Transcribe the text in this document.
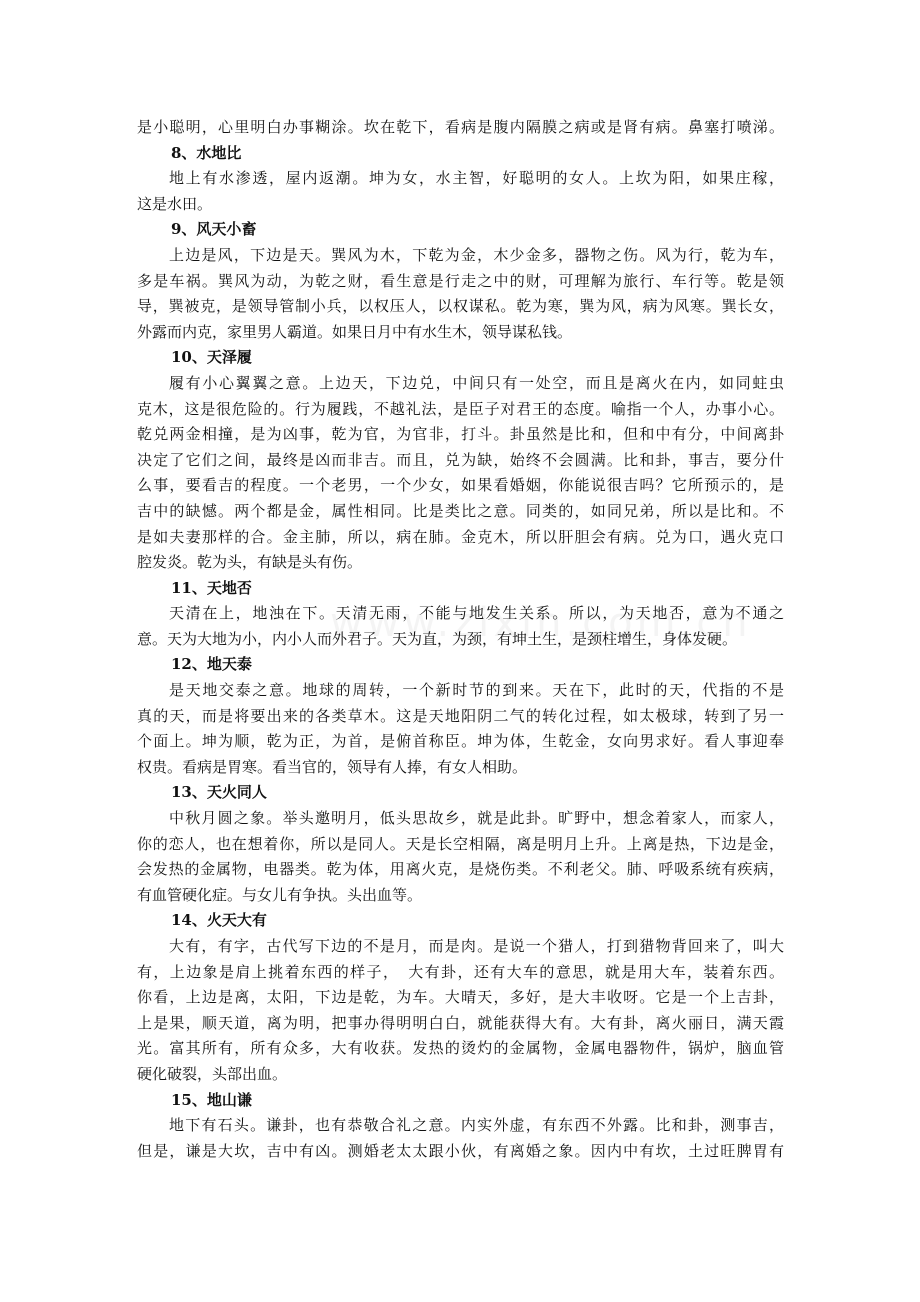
是小聪明，心里明白办事糊涂。坎在乾下，看病是腹内隔膜之病或是肾有病。鼻塞打喷涕。
8、水地比
地上有水渗透，屋内返潮。坤为女，水主智，好聪明的女人。上坎为阳，如果庄稼，
这是水田。
9、风天小畜
上边是风，下边是天。巽风为木，下乾为金，木少金多，器物之伤。风为行，乾为车，
多是车祸。巽风为动，为乾之财，看生意是行走之中的财，可理解为旅行、车行等。乾是领
导，巽被克，是领导管制小兵，以权压人，以权谋私。乾为寒，巽为风，病为风寒。巽长女，
外露而内克，家里男人霸道。如果日月中有水生木，领导谋私钱。
10、天泽履
履有小心翼翼之意。上边天，下边兑，中间只有一处空，而且是离火在内，如同蛀虫
克木，这是很危险的。行为履践，不越礼法，是臣子对君王的态度。喻指一个人，办事小心。
乾兑两金相撞，是为凶事，乾为官，为官非，打斗。卦虽然是比和，但和中有分，中间离卦
决定了它们之间，最终是凶而非吉。而且，兑为缺，始终不会圆满。比和卦，事吉，要分什
么事，要看吉的程度。一个老男，一个少女，如果看婚姻，你能说很吉吗？它所预示的，是
吉中的缺憾。两个都是金，属性相同。比是类比之意。同类的，如同兄弟，所以是比和。不
是如夫妻那样的合。金主肺，所以，病在肺。金克木，所以肝胆会有病。兑为口，遇火克口
腔发炎。乾为头，有缺是头有伤。
11、天地否
天清在上，地浊在下。天清无雨，不能与地发生关系。所以，为天地否，意为不通之
意。天为大地为小，内小人而外君子。天为直，为颈，有坤土生，是颈柱增生，身体发硬。
12、地天泰
是天地交泰之意。地球的周转，一个新时节的到来。天在下，此时的天，代指的不是
真的天，而是将要出来的各类草木。这是天地阳阴二气的转化过程，如太极球，转到了另一
个面上。坤为顺，乾为正，为首，是俯首称臣。坤为体，生乾金，女向男求好。看人事迎奉
权贵。看病是胃寒。看当官的，领导有人捧，有女人相助。
13、天火同人
中秋月圆之象。举头邀明月，低头思故乡，就是此卦。旷野中，想念着家人，而家人，
你的恋人，也在想着你，所以是同人。天是长空相隔，离是明月上升。上离是热，下边是金，
会发热的金属物，电器类。乾为体，用离火克，是烧伤类。不利老父。肺、呼吸系统有疾病，
有血管硬化症。与女儿有争执。头出血等。
14、火天大有
大有，有字，古代写下边的不是月，而是肉。是说一个猎人，打到猎物背回来了，叫大
有，上边象是肩上挑着东西的样子，　大有卦，还有大车的意思，就是用大车，装着东西。
你看，上边是离，太阳，下边是乾，为车。大晴天，多好，是大丰收呀。它是一个上吉卦，
上是果，顺天道，离为明，把事办得明明白白，就能获得大有。大有卦，离火丽日，满天霞
光。富其所有，所有众多，大有收获。发热的烫灼的金属物，金属电器物件，锅炉，脑血管
硬化破裂，头部出血。
15、地山谦
地下有石头。谦卦，也有恭敬合礼之意。内实外虚，有东西不外露。比和卦，测事吉，
但是，谦是大坎，吉中有凶。测婚老太太跟小伙，有离婚之象。因内中有坎，土过旺脾胃有
